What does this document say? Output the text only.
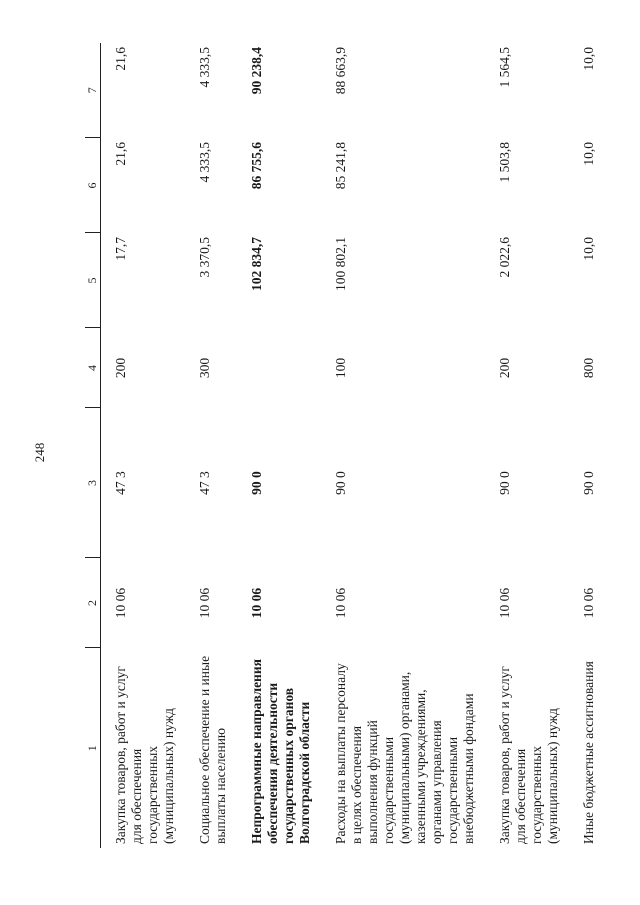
248
1	2	3	4	5	6	7
Закупка товаров, работ и услуг для обеспечения государственных (муниципальных) нужд	10 06	47 3	200	17,7	21,6	21,6
Социальное обеспечение и иные выплаты населению	10 06	47 3	300	3 370,5	4 333,5	4 333,5
Непрограммные направления обеспечения деятельности государственных органов Волгоградской области	10 06	90 0		102 834,7	86 755,6	90 238,4
Расходы на выплаты персоналу в целях обеспечения выполнения функций государственными (муниципальными) органами, казенными учреждениями, органами управления государственными внебюджетными фондами	10 06	90 0	100	100 802,1	85 241,8	88 663,9
Закупка товаров, работ и услуг для обеспечения государственных (муниципальных) нужд	10 06	90 0	200	2 022,6	1 503,8	1 564,5
Иные бюджетные ассигнования	10 06	90 0	800	10,0	10,0	10,0
